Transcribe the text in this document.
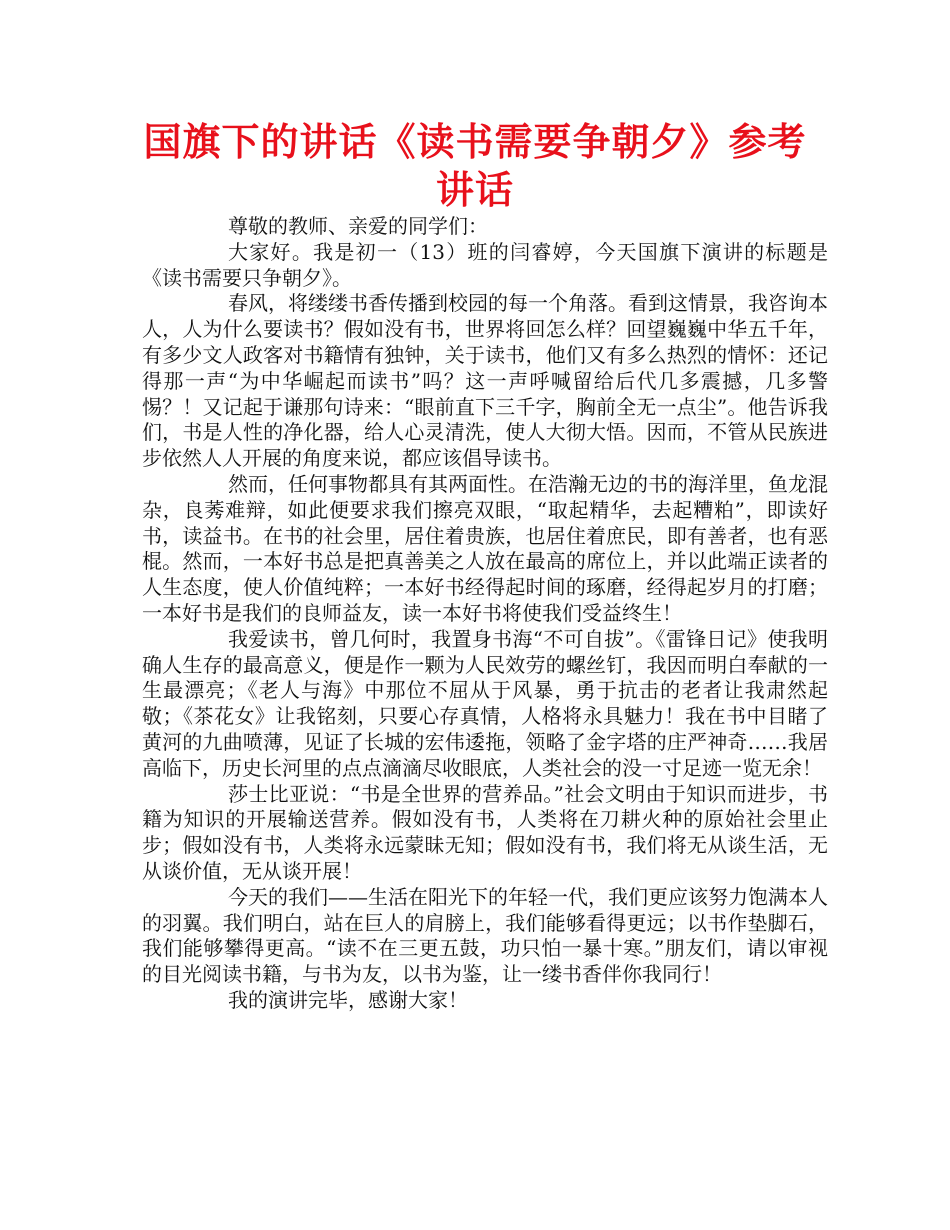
国旗下的讲话《读书需要争朝夕》参考讲话

尊敬的教师、亲爱的同学们：

大家好。我是初一（13）班的闫睿婷，今天国旗下演讲的标题是《读书需要只争朝夕》。

春风，将缕缕书香传播到校园的每一个角落。看到这情景，我咨询本人，人为什么要读书？假如没有书，世界将回怎么样？回望巍巍中华五千年，有多少文人政客对书籍情有独钟，关于读书，他们又有多么热烈的情怀：还记得那一声“为中华崛起而读书”吗？这一声呼喊留给后代几多震撼，几多警惕？！又记起于谦那句诗来：“眼前直下三千字，胸前全无一点尘”。他告诉我们，书是人性的净化器，给人心灵清洗，使人大彻大悟。因而，不管从民族进步依然人人开展的角度来说，都应该倡导读书。

然而，任何事物都具有其两面性。在浩瀚无边的书的海洋里，鱼龙混杂，良莠难辩，如此便要求我们擦亮双眼，“取起精华，去起糟粕”，即读好书，读益书。在书的社会里，居住着贵族，也居住着庶民，即有善者，也有恶棍。然而，一本好书总是把真善美之人放在最高的席位上，并以此端正读者的人生态度，使人价值纯粹；一本好书经得起时间的琢磨，经得起岁月的打磨；一本好书是我们的良师益友，读一本好书将使我们受益终生！

我爱读书，曾几何时，我置身书海“不可自拔”。《雷锋日记》使我明确人生存的最高意义，便是作一颗为人民效劳的螺丝钉，我因而明白奉献的一生最漂亮；《老人与海》中那位不屈从于风暴，勇于抗击的老者让我肃然起敬；《茶花女》让我铭刻，只要心存真情，人格将永具魅力！我在书中目睹了黄河的九曲喷薄，见证了长城的宏伟逶拖，领略了金字塔的庄严神奇……我居高临下，历史长河里的点点滴滴尽收眼底，人类社会的没一寸足迹一览无余！

莎士比亚说：“书是全世界的营养品。”社会文明由于知识而进步，书籍为知识的开展输送营养。假如没有书，人类将在刀耕火种的原始社会里止步；假如没有书，人类将永远蒙昧无知；假如没有书，我们将无从谈生活，无从谈价值，无从谈开展！

今天的我们——生活在阳光下的年轻一代，我们更应该努力饱满本人的羽翼。我们明白，站在巨人的肩膀上，我们能够看得更远；以书作垫脚石，我们能够攀得更高。“读不在三更五鼓，功只怕一暴十寒。”朋友们，请以审视的目光阅读书籍，与书为友，以书为鉴，让一缕书香伴你我同行！

我的演讲完毕，感谢大家！
